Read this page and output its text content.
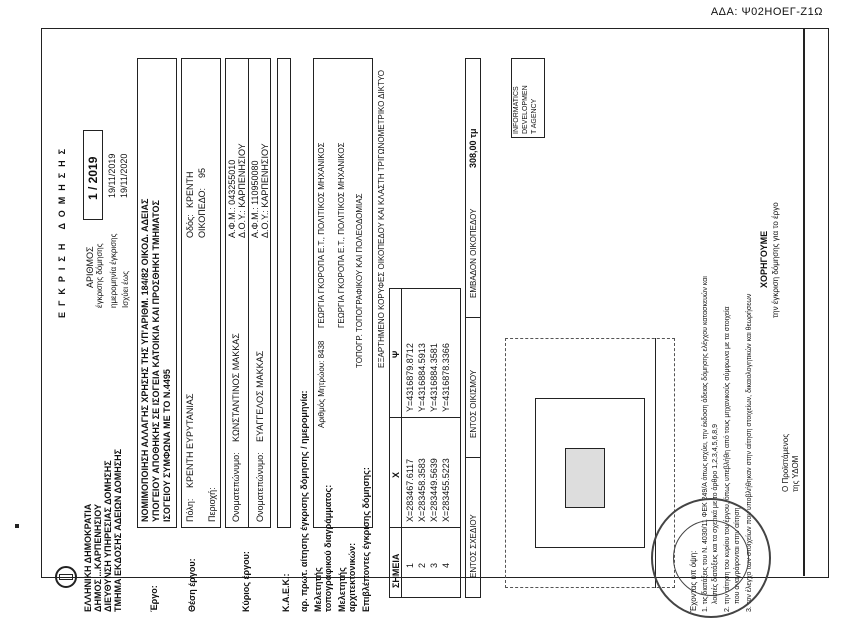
ΑΔΑ: Ψ02ΗΟΕΓ-Ζ1Ω
ΕΛΛΗΝΙΚΗ ΔΗΜΟΚΡΑΤΙΑ ΔΗΜΟΣ ...ΚΑΡΠΕΝΗΣΙΟΥ ΔΙΕΥΘΥΝΣΗ ΥΠΗΡΕΣΙΑΣ ΔΟΜΗΣΗΣ ΤΜΗΜΑ ΕΚΔΟΣΗΣ ΑΔΕΙΩΝ ΔΟΜΗΣΗΣ
ΕΓΚΡΙΣΗ ΔΟΜΗΣΗΣ ΑΡΙΘΜΟΣ έγκρισης δόμησης
1 / 2019
ημερομηνία έγκρισης
19/11/2019
Ισχύει έως
19/11/2020
Έργο:
ΝΟΜΙΜΟΠΟΙΗΣΗ ΑΛΛΑΓΗΣ ΧΡΗΣΗΣ ΤΗΣ ΥΠ'ΑΡΙΘΜ. 184/82 ΟΙΚΟΔ. ΑΔΕΙΑΣ ΥΠΟΓΕΙΟΥ ΑΠΟΘΗΚΗΣ ΣΕ ΙΣΟΓΕΙΑ ΚΑΤΟΙΚΙΑ ΚΑΙ ΠΡΟΣΘΗΚΗ ΤΜΗΜΑΤΟΣ ΙΣΟΓΕΙΟΥ ΣΥΜΦΩΝΑ ΜΕ ΤΟ Ν.4495
Θέση έργου:
Πόλη:
ΚΡΕΝΤΗ ΕΥΡΥΤΑΝΙΑΣ
Οδός:
ΚΡΕΝΤΗ ΟΙΚΟΠΕΔΟ:
95
Περιοχή:
Κύριος έργου:
Ονοματεπώνυμο:
ΚΩΝΣΤΑΝΤΙΝΟΣ ΜΑΚΚΑΣ
Α.Φ.Μ.: 043255010 Δ.Ο.Υ.: ΚΑΡΠΕΝΗΣΙΟΥ
Ονοματεπώνυμο:
ΕΥΑΓΓΕΛΟΣ ΜΑΚΚΑΣ
Α.Φ.Μ.: 110950080 Δ.Ο.Υ.: ΚΑΡΠΕΝΗΣΙΟΥ
Κ.Α.Ε.Κ.: αρ. πρωτ. αίτησης έγκρισης δόμησης / ημερομηνία: Μελετητής τοπογραφικού διαγράμματος:
Αριθμός Μητρώου: 8438
ΓΕΩΡΓΙΑ ΓΚΟΡΟΠΑ Ε.Τ., ΠΟΛΙΤΙΚΟΣ ΜΗΧΑΝΙΚΟΣ
Μελετητής αρχιτεκτονικών:
ΓΕΩΡΓΙΑ ΓΚΟΡΟΠΑ Ε.Τ., ΠΟΛΙΤΙΚΟΣ ΜΗΧΑΝΙΚΟΣ
Επιβλέποντες έγκρισης δόμησης:
ΤΟΠΟΓΡ. ΤΟΠΟΓΡΑΦΙΚΟΥ ΚΑΙ ΠΟΛΕΟΔΟΜΙΑΣ ΕΞΑΡΤΗΜΕΝΟ ΚΟΡΥΦΕΣ ΟΙΚΟΠΕΔΟΥ ΚΑΙ ΚΛΑΣΤΗ ΤΡΙΓΩΝΟΜΕΤΡΙΚΟ ΔΙΚΤΥΟ
ΣΗΜΕΙΑ
X
Ψ
1
X=283467.6117
Y=4316879.8712
2
X=283458.3583
Y=4316884.5913
3
X=283449.5639
Y=4316884.3581
4
X=283455.5223
Y=4316878.3366
ΕΝΤΟΣ ΣΧΕΔΙΟΥ
ΕΝΤΟΣ ΟΙΚΙΣΜΟΥ
ΕΜΒΑΔΟΝ ΟΙΚΟΠΕΔΟΥ
308,00 τμ
INFORMATICS DEVELOPMEN T AGENCY
Έχοντας υπ όψη: 1. τις διατάξεις του Ν. 4030/11 ΦΕΚ 249/Α όπως ισχύει, την έκδοση άδειας δόμησης ελέγχου κατασκευών και λοιπές διατάξεις και τα σχετικά με το άρθρο 1,2,3,4,5,6,8,9 2. την αίτηση του κυρίου του έργου, όπως υπεβλήθη από τους μηχανικούς σύμφωνα με τα στοιχεία που αναγράφονται στην αίτηση 3. τον έλεγχο των στοιχείων που υποβλήθηκαν στην αίτηση στοιχείων, δικαιολογητικών και θεωρήσεων
ΧΟΡΗΓΟΥΜΕ την έγκριση δόμησης για το έργο
Ο Προϊστάμενος της ΥΔΟΜ
